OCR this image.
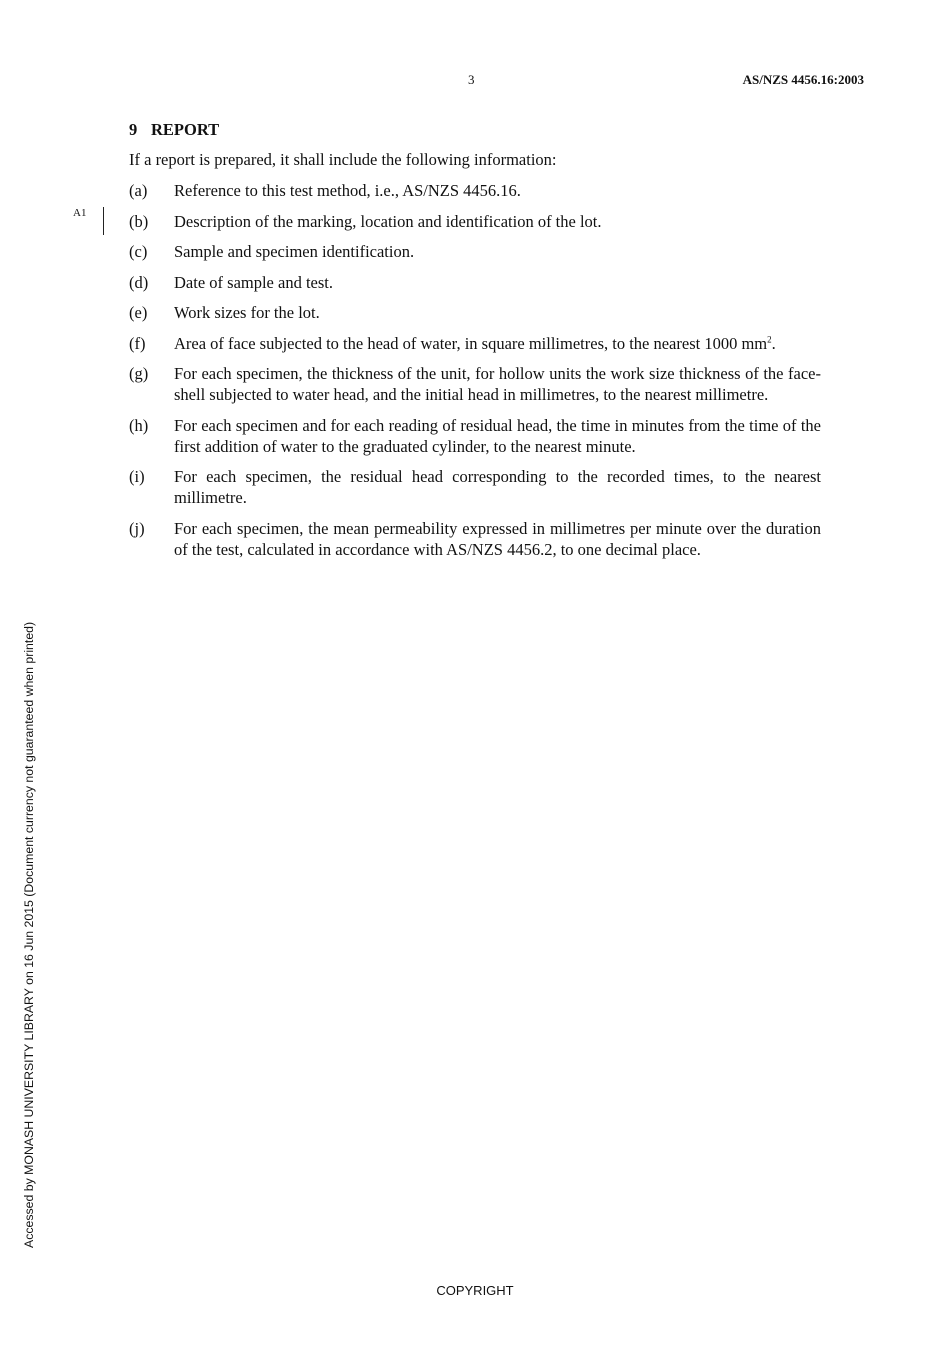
3	AS/NZS 4456.16:2003
9 REPORT
If a report is prepared, it shall include the following information:
A1
(a)	Reference to this test method, i.e., AS/NZS 4456.16.
(b)	Description of the marking, location and identification of the lot.
(c)	Sample and specimen identification.
(d)	Date of sample and test.
(e)	Work sizes for the lot.
(f)	Area of face subjected to the head of water, in square millimetres, to the nearest 1000 $mm^2$.
(g)	For each specimen, the thickness of the unit, for hollow units the work size thickness of the face-shell subjected to water head, and the initial head in millimetres, to the nearest millimetre.
(h)	For each specimen and for each reading of residual head, the time in minutes from the time of the first addition of water to the graduated cylinder, to the nearest minute.
(i)	For each specimen, the residual head corresponding to the recorded times, to the nearest millimetre.
(j)	For each specimen, the mean permeability expressed in millimetres per minute over the duration of the test, calculated in accordance with AS/NZS 4456.2, to one decimal place.
Accessed by MONASH UNIVERSITY LIBRARY on 16 Jun 2015 (Document currency not guaranteed when printed)
COPYRIGHT
